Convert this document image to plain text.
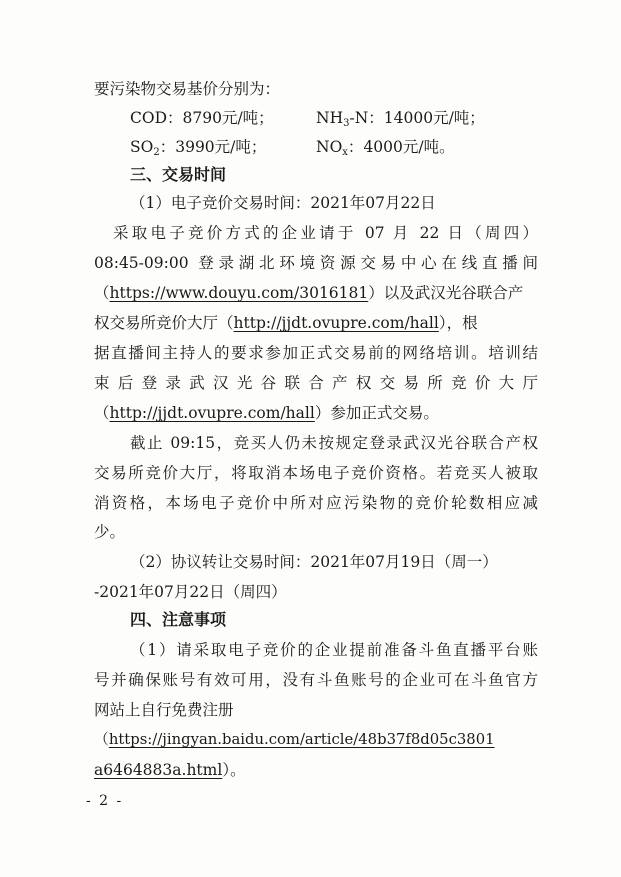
要污染物交易基价分别为：
COD：8790元/吨；	$NH_3-N$：14000元/吨；
$SO_2$：3990元/吨；	$NO_x$：4000元/吨。
三、交易时间
（1）电子竞价交易时间：2021年07月22日
采取电子竞价方式的企业请于 07 月 22 日（周四）
08:45-09:00 登录湖北环境资源交易中心在线直播间
（https://www.douyu.com/3016181）以及武汉光谷联合产
权交易所竞价大厅（http://jjdt.ovupre.com/hall），根
据直播间主持人的要求参加正式交易前的网络培训。培训结
束后登录武汉光谷联合产权交易所竞价大厅
（http://jjdt.ovupre.com/hall）参加正式交易。
截止 09:15，竞买人仍未按规定登录武汉光谷联合产权
交易所竞价大厅，将取消本场电子竞价资格。若竞买人被取
消资格，本场电子竞价中所对应污染物的竞价轮数相应减
少。
（2）协议转让交易时间：2021年07月19日（周一）
-2021年07月22日（周四）
四、注意事项
（1）请采取电子竞价的企业提前准备斗鱼直播平台账
号并确保账号有效可用，没有斗鱼账号的企业可在斗鱼官方
网站上自行免费注册
（https://jingyan.baidu.com/article/48b37f8d05c3801
a6464883a.html）。
- 2 -
